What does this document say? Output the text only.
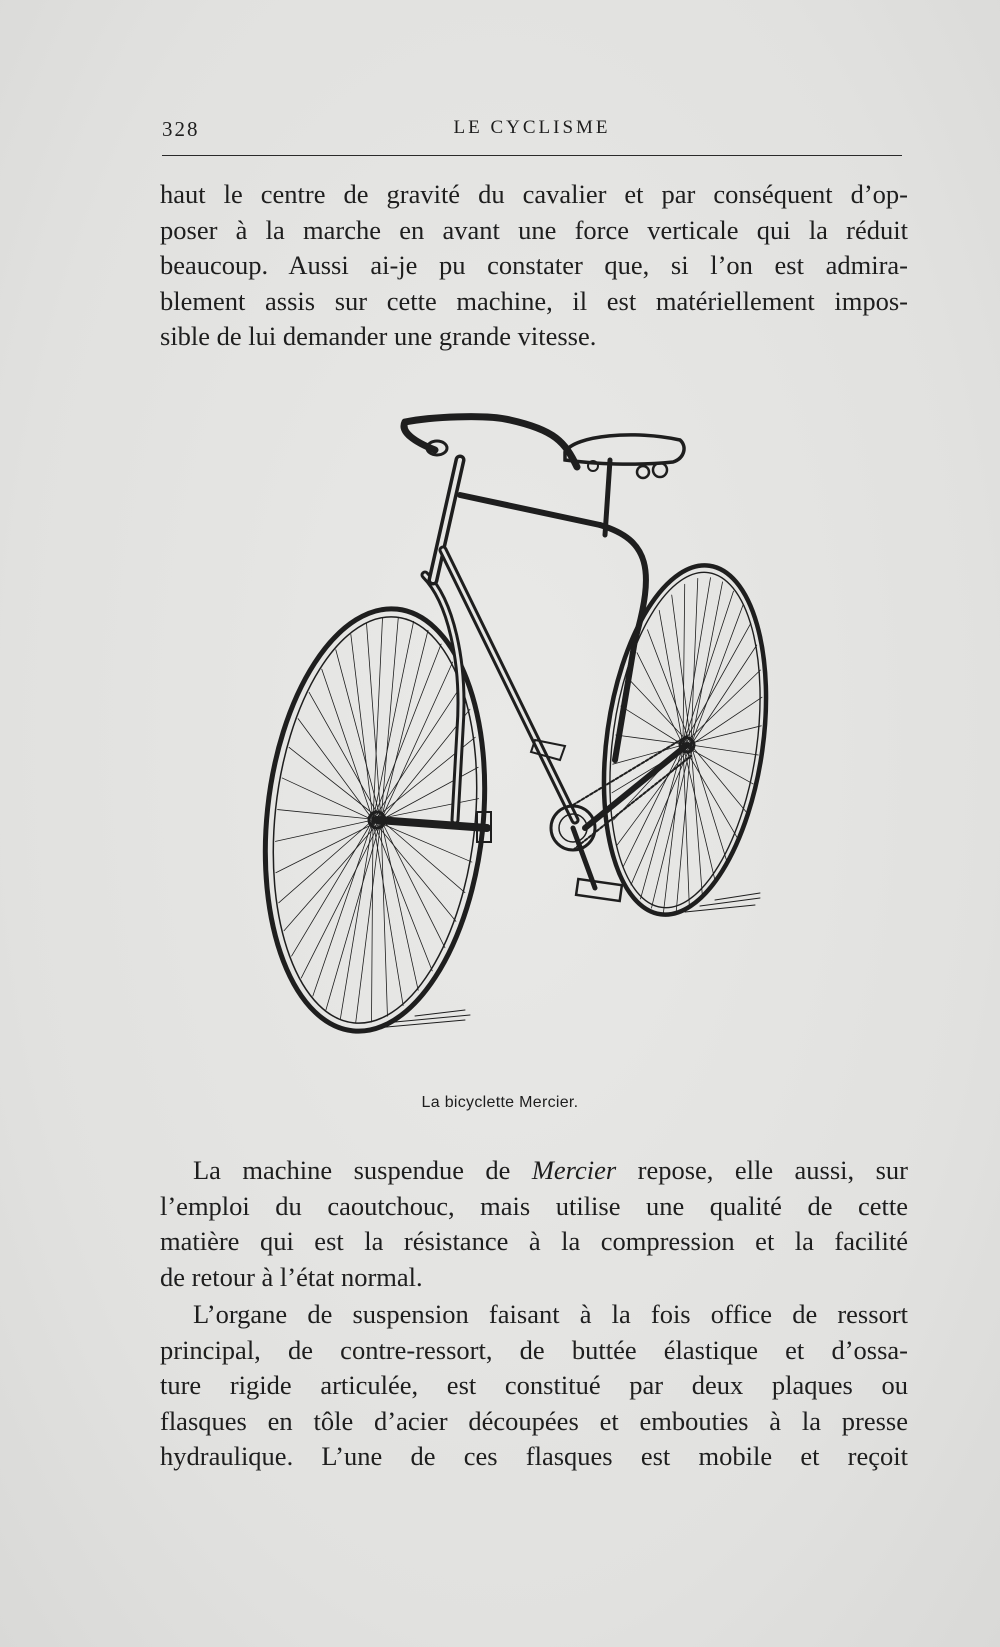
328	LE CYCLISME

haut le centre de gravité du cavalier et par conséquent d’op-
poser à la marche en avant une force verticale qui la réduit
beaucoup. Aussi ai-je pu constater que, si l’on est admira-
blement assis sur cette machine, il est matériellement impos-
sible de lui demander une grande vitesse.

La bicyclette Mercier.

La machine suspendue de Mercier repose, elle aussi, sur
l’emploi du caoutchouc, mais utilise une qualité de cette
matière qui est la résistance à la compression et la facilité
de retour à l’état normal.

L’organe de suspension faisant à la fois office de ressort
principal, de contre-ressort, de buttée élastique et d’ossa-
ture rigide articulée, est constitué par deux plaques ou
flasques en tôle d’acier découpées et embouties à la presse
hydraulique. L’une de ces flasques est mobile et reçoit
